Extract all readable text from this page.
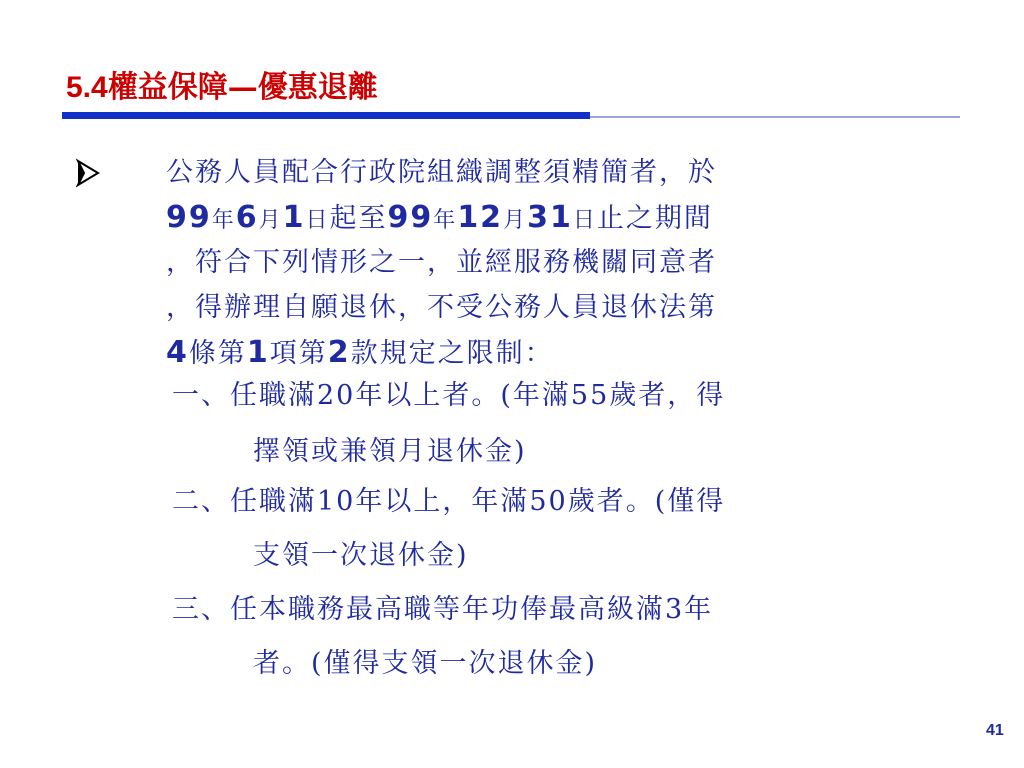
5.4權益保障—優惠退離
公務人員配合行政院組織調整須精簡者，於
99年6月1日起至99年12月31日止之期間
，符合下列情形之一，並經服務機關同意者
，得辦理自願退休，不受公務人員退休法第
4條第1項第2款規定之限制：
一、任職滿20年以上者。(年滿55歲者，得
擇領或兼領月退休金)
二、任職滿10年以上，年滿50歲者。(僅得
支領一次退休金)
三、任本職務最高職等年功俸最高級滿3年
者。(僅得支領一次退休金)
41
